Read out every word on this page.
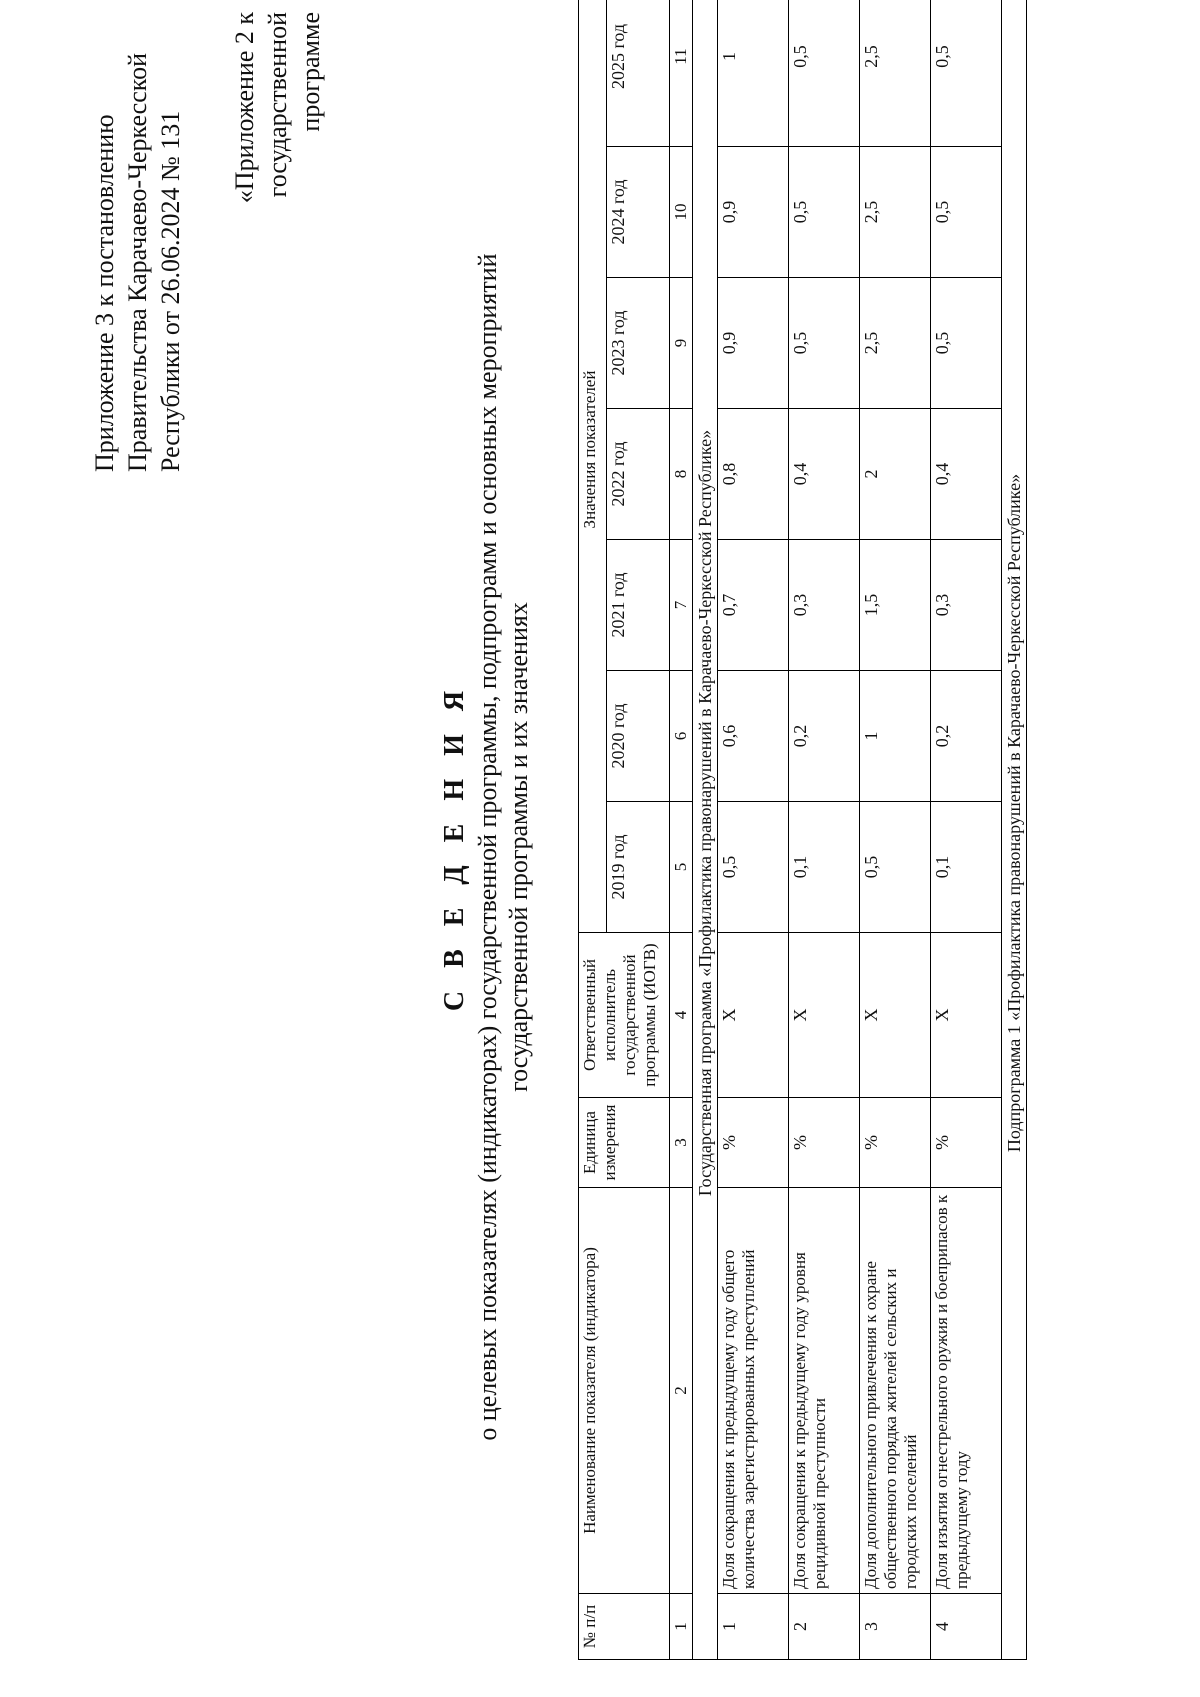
Приложение 3 к постановлению Правительства Карачаево-Черкесской Республики от 26.06.2024 № 131
«Приложение 2 к государственной программе
С В Е Д Е Н И Я о целевых показателях (индикаторах) государственной программы, подпрограмм и основных мероприятий государственной программы и их значениях
№ п/п	Наименование показателя (индикатора)	Единица измерения	Ответственный исполнитель государственной программы (ИОГВ)	Значения показателей						
				2019 год	2020 год	2021 год	2022 год	2023 год	2024 год	2025 год
1	2	3	4	5	6	7	8	9	10	11
Государственная программа «Профилактика правонарушений в Карачаево-Черкесской Республике»										
1	Доля сокращения к предыдущему году общего количества зарегистрированных преступлений	%	X	0,5	0,6	0,7	0,8	0,9	0,9	1
2	Доля сокращения к предыдущему году уровня рецидивной преступности	%	X	0,1	0,2	0,3	0,4	0,5	0,5	0,5
3	Доля дополнительного привлечения к охране общественного порядка жителей сельских и городских поселений	%	X	0,5	1	1,5	2	2,5	2,5	2,5
4	Доля изъятия огнестрельного оружия и боеприпасов к предыдущему году	%	X	0,1	0,2	0,3	0,4	0,5	0,5	0,5
Подпрограмма 1 «Профилактика правонарушений в Карачаево-Черкесской Республике»										
